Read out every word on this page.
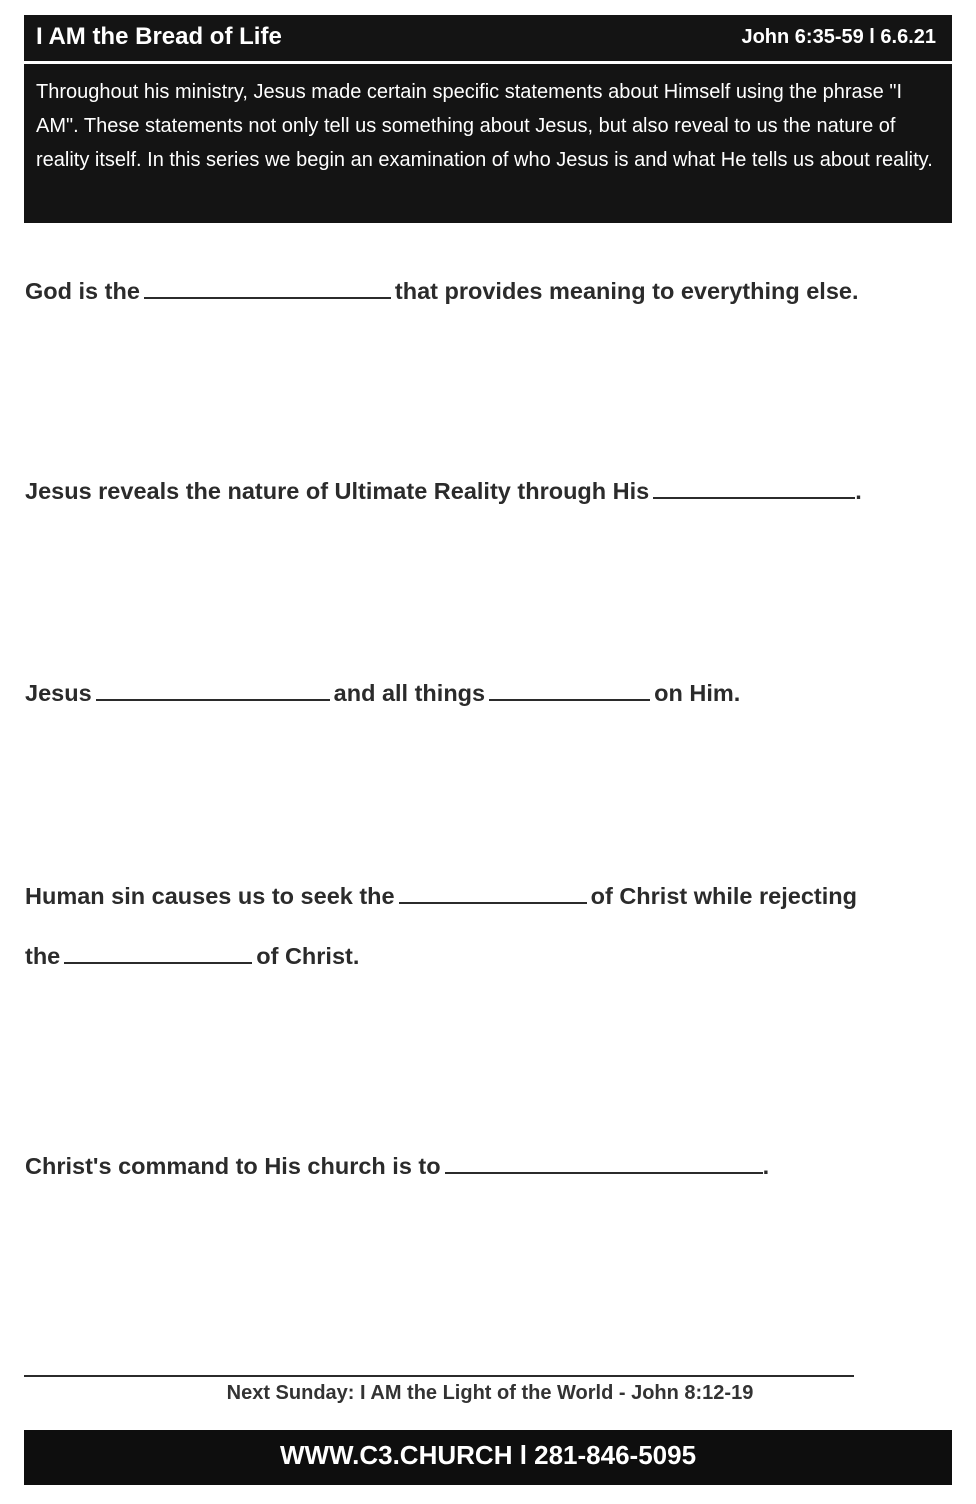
I AM the Bread of Life	John 6:35-59 l 6.6.21
Throughout his ministry, Jesus made certain specific statements about Himself using the phrase "I AM". These statements not only tell us something about Jesus, but also reveal to us the nature of reality itself. In this series we begin an examination of who Jesus is and what He tells us about reality.
God is the	that provides meaning to everything else.
Jesus reveals the nature of Ultimate Reality through His	.
Jesus	and all things	on Him.
Human sin causes us to seek the	of Christ while rejecting
the	of Christ.
Christ's command to His church is to	.
Next Sunday: I AM the Light of the World - John 8:12-19
WWW.C3.CHURCH l 281-846-5095
